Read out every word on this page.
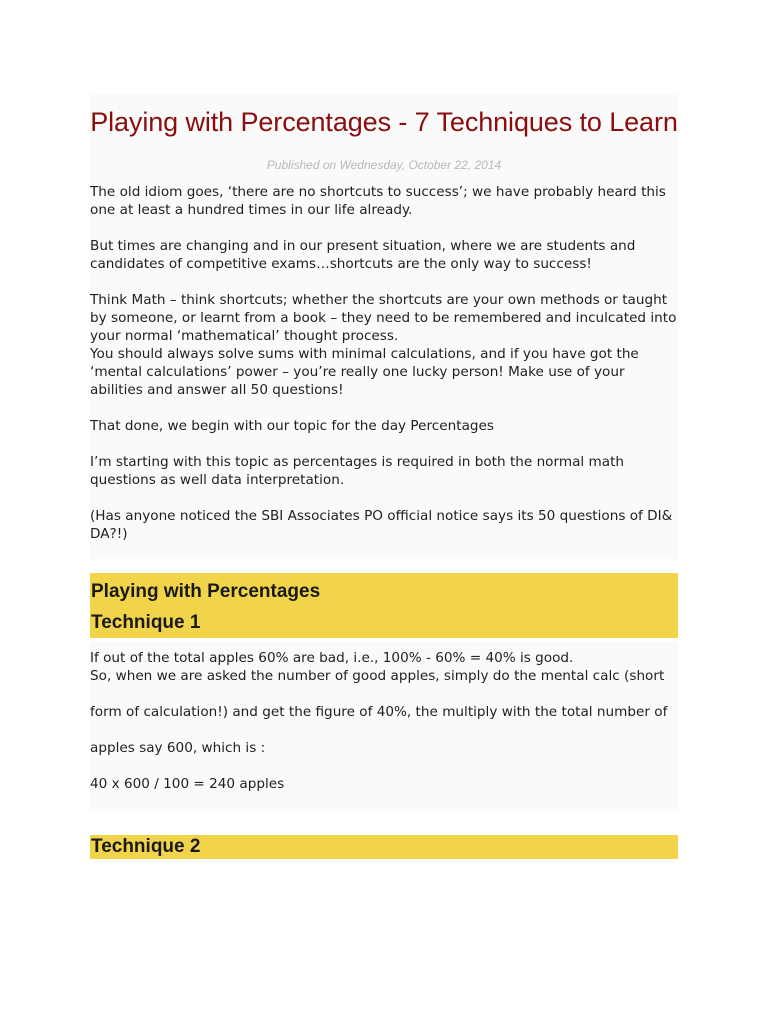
Playing with Percentages - 7 Techniques to Learn
Published on Wednesday, October 22, 2014

The old idiom goes, ‘there are no shortcuts to success’; we have probably heard this one at least a hundred times in our life already.

But times are changing and in our present situation, where we are students and candidates of competitive exams…shortcuts are the only way to success!

Think Math – think shortcuts; whether the shortcuts are your own methods or taught by someone, or learnt from a book – they need to be remembered and inculcated into your normal ‘mathematical’ thought process.

You should always solve sums with minimal calculations, and if you have got the ‘mental calculations’ power – you’re really one lucky person! Make use of your abilities and answer all 50 questions!

That done, we begin with our topic for the day Percentages

I’m starting with this topic as percentages is required in both the normal math questions as well data interpretation.

(Has anyone noticed the SBI Associates PO official notice says its 50 questions of DI& DA?!)

Playing with Percentages
Technique 1

If out of the total apples 60% are bad, i.e., 100% - 60% = 40% is good.

So, when we are asked the number of good apples, simply do the mental calc (short

form of calculation!) and get the figure of 40%, the multiply with the total number of

apples say 600, which is :

40 x 600 / 100 = 240 apples

Technique 2
